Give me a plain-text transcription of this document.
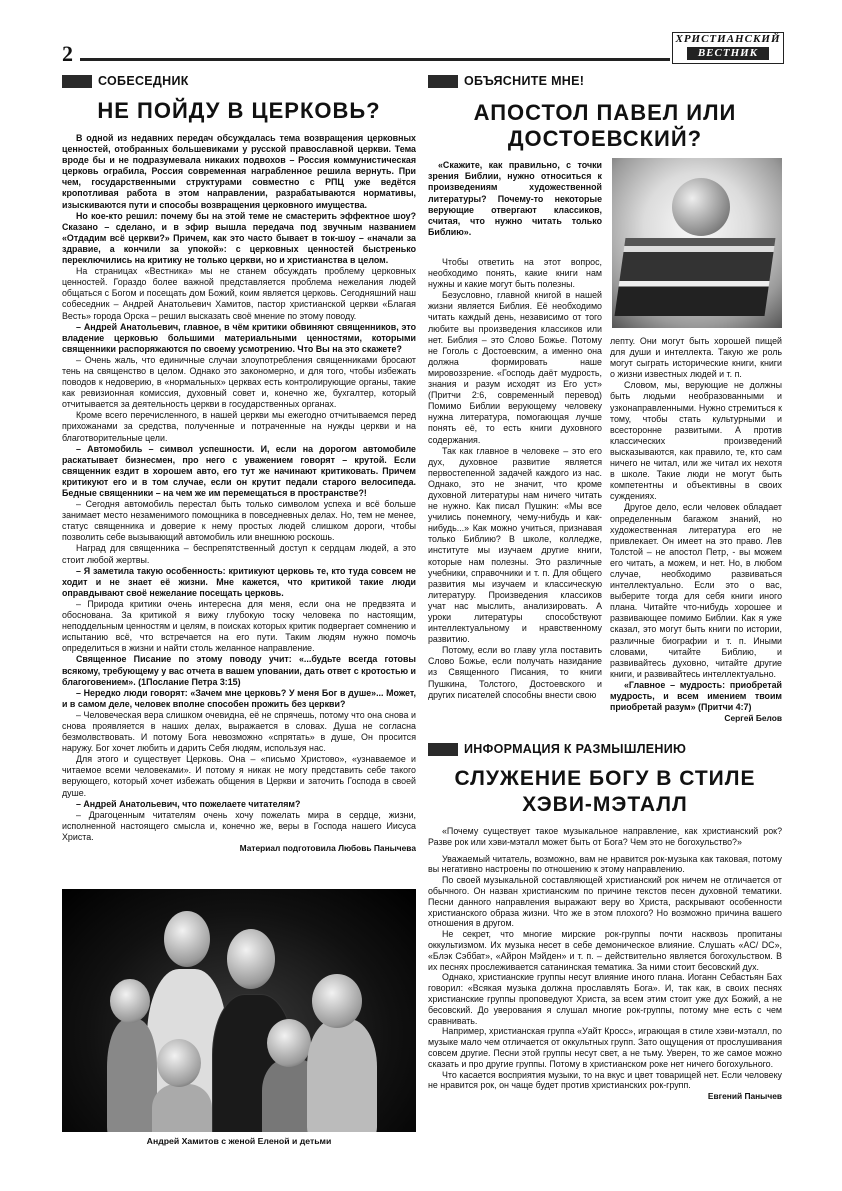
2
ХРИСТИАНСКИЙ
ВЕСТНИК
СОБЕСЕДНИК
НЕ ПОЙДУ В ЦЕРКОВЬ?

В одной из недавних передач обсуждалась тема возвращения церковных ценностей, отобранных большевиками у русской православной церкви. Тема вроде бы и не подразумевала никаких подвохов – Россия коммунистическая церковь ограбила, Россия современная награбленное решила вернуть. При чем, государственными структурами совместно с РПЦ уже ведётся кропотливая работа в этом направлении, разрабатываются нормативы, изыскиваются пути и способы возвращения церковного имущества.

Но кое-кто решил: почему бы на этой теме не смастерить эффектное шоу? Сказано – сделано, и в эфир вышла передача под звучным названием «Отдадим всё церкви?» Причем, как это часто бывает в ток-шоу – «начали за здравие, а кончили за упокой»: с церковных ценностей быстренько переключились на критику не только церкви, но и христианства в целом.

На страницах «Вестника» мы не станем обсуждать проблему церковных ценностей. Гораздо более важной представляется проблема нежелания людей общаться с Богом и посещать дом Божий, коим является церковь. Сегодняшний наш собеседник – Андрей Анатольевич Хамитов, пастор христианской церкви «Благая Весть» города Орска – решил высказать своё мнение по этому поводу.

– Андрей Анатольевич, главное, в чём критики обвиняют священников, это владение церковью большими материальными ценностями, которыми священники распоряжаются по своему усмотрению. Что Вы на это скажете?

– Очень жаль, что единичные случаи злоупотребления священниками бросают тень на священство в целом. Однако это закономерно, и для того, чтобы избежать поводов к недоверию, в «нормальных» церквах есть контролирующие органы, такие как ревизионная комиссия, духовный совет и, конечно же, бухгалтер, который отчитывается за деятельность церкви в государственных органах.

Кроме всего перечисленного, в нашей церкви мы ежегодно отчитываемся перед прихожанами за средства, полученные и потраченные на нужды церкви и на благотворительные цели.

– Автомобиль – символ успешности. И, если на дорогом автомобиле раскатывает бизнесмен, про него с уважением говорят – крутой. Если священник ездит в хорошем авто, его тут же начинают критиковать. Причем критикуют его и в том случае, если он крутит педали старого велосипеда. Бедные священники – на чем же им перемещаться в пространстве?!

– Сегодня автомобиль перестал быть только символом успеха и всё больше занимает место незаменимого помощника в повседневных делах. Но, тем не менее, статус священника и доверие к нему простых людей слишком дороги, чтобы позволить себе вызывающий автомобиль или внешнюю роскошь.

Наград для священника – беспрепятственный доступ к сердцам людей, а это стоит любой жертвы.

– Я заметила такую особенность: критикуют церковь те, кто туда совсем не ходит и не знает её жизни. Мне кажется, что критикой такие люди оправдывают своё нежелание посещать церковь.

– Природа критики очень интересна для меня, если она не предвзята и обоснована. За критикой я вижу глубокую тоску человека по настоящим, неподдельным ценностям и целям, в поисках которых критик подвергает сомнению и испытанию всё, что встречается на его пути. Таким людям нужно помочь определиться в жизни и найти столь желанное направление.

Священное Писание по этому поводу учит: «...будьте всегда готовы всякому, требующему у вас отчета в вашем уповании, дать ответ с кротостью и благоговением». (1Послание Петра 3:15)

– Нередко люди говорят: «Зачем мне церковь? У меня Бог в душе»... Может, и в самом деле, человек вполне способен прожить без церкви?

– Человеческая вера слишком очевидна, её не спрячешь, потому что она снова и снова проявляется в наших делах, выражается в словах. Душа не согласна безмолвствовать. И потому Бога невозможно «спрятать» в душе, Он просится наружу. Бог хочет любить и дарить Себя людям, используя нас.

Для этого и существует Церковь. Она – «письмо Христово», «узнаваемое и читаемое всеми человеками». И потому я никак не могу представить себе такого верующего, который хочет избежать общения в Церкви и заточить Господа в своей душе.

– Андрей Анатольевич, что пожелаете читателям?

– Драгоценным читателям очень хочу пожелать мира в сердце, жизни, исполненной настоящего смысла и, конечно же, веры в Господа нашего Иисуса Христа.

Материал подготовила Любовь Панычева
Андрей Хамитов с женой Еленой и детьми
ОБЪЯСНИТЕ МНЕ!
АПОСТОЛ ПАВЕЛ ИЛИ
ДОСТОЕВСКИЙ?

«Скажите, как правильно, с точки зрения Библии, нужно относиться к произведениям художественной литературы? Почему-то некоторые верующие отвергают классиков, считая, что нужно читать только Библию».

Чтобы ответить на этот вопрос, необходимо понять, какие книги нам нужны и какие могут быть полезны.

Безусловно, главной книгой в нашей жизни является Библия. Её необходимо читать каждый день, независимо от того любите вы произведения классиков или нет. Библия – это Слово Божье. Потому не Гоголь с Достоевским, а именно она должна формировать наше мировоззрение. «Господь даёт мудрость, знания и разум исходят из Его уст» (Притчи 2:6, современный перевод) Помимо Библии верующему человеку нужна литература, помогающая лучше понять её, то есть книги духовного содержания.

Так как главное в человеке – это его дух, духовное развитие является первостепенной задачей каждого из нас. Однако, это не значит, что кроме духовной литературы нам ничего читать не нужно. Как писал Пушкин: «Мы все учились понемногу, чему-нибудь и как-нибудь...» Как можно учиться, признавая только Библию? В школе, колледже, институте мы изучаем другие книги, которые нам полезны. Это различные учебники, справочники и т. п. Для общего развития мы изучаем и классическую литературу. Произведения классиков учат нас мыслить, анализировать. А уроки литературы способствуют интеллектуальному и нравственному развитию.

Потому, если во главу угла поставить Слово Божье, если получать назидание из Священного Писания, то книги Пушкина, Толстого, Достоевского и других писателей способны внести свою

лепту. Они могут быть хорошей пищей для души и интеллекта. Такую же роль могут сыграть исторические книги, книги о жизни известных людей и т. п.

Словом, мы, верующие не должны быть людьми необразованными и узконаправленными. Нужно стремиться к тому, чтобы стать культурными и всесторонне развитыми. А против классических произведений высказываются, как правило, те, кто сам ничего не читал, или же читал их нехотя в школе. Такие люди не могут быть компетентны и объективны в своих суждениях.

Другое дело, если человек обладает определенным багажом знаний, но художественная литература его не привлекает. Он имеет на это право. Лев Толстой – не апостол Петр, - вы можем его читать, а можем, и нет. Но, в любом случае, необходимо развиваться интеллектуально. Если это о вас, выберите тогда для себя книги иного плана. Читайте что-нибудь хорошее и развивающее помимо Библии. Как я уже сказал, это могут быть книги по истории, различные биографии и т. п. Иными словами, читайте Библию, и развивайтесь духовно, читайте другие книги, и развивайтесь интеллектуально.

«Главное – мудрость: приобретай мудрость, и всем имением твоим приобретай разум» (Притчи 4:7)

Сергей Белов
ИНФОРМАЦИЯ К РАЗМЫШЛЕНИЮ
СЛУЖЕНИЕ БОГУ В СТИЛЕ
ХЭВИ-МЭТАЛЛ

«Почему существует такое музыкальное направление, как христианский рок? Разве рок или хэви-мэталл может быть от Бога? Чем это не богохульство?»

Уважаемый читатель, возможно, вам не нравится рок-музыка как таковая, потому вы негативно настроены по отношению к этому направлению.

По своей музыкальной составляющей христианский рок ничем не отличается от обычного. Он назван христианским по причине текстов песен духовной тематики. Песни данного направления выражают веру во Христа, раскрывают особенности христианского образа жизни. Что же в этом плохого? Но возможно причина вашего отношения в другом.

Не секрет, что многие мирские рок-группы почти насквозь пропитаны оккультизмом. Их музыка несет в себе демоническое влияние. Слушать «AC/ DC», «Блэк Сэббат», «Айрон Мэйден» и т. п. – действительно является богохульством. В их песнях прослеживается сатанинская тематика. За ними стоит бесовский дух.

Однако, христианские группы несут влияние иного плана. Иоганн Себастьян Бах говорил: «Всякая музыка должна прославлять Бога». И, так как, в своих песнях христианские группы проповедуют Христа, за всем этим стоит уже дух Божий, а не бесовский. До уверования я слушал многие рок-группы, потому мне есть с чем сравнивать.

Например, христианская группа «Уайт Кросс», играющая в стиле хэви-мэталл, по музыке мало чем отличается от оккультных групп. Зато ощущения от прослушивания совсем другие. Песни этой группы несут свет, а не тьму. Уверен, то же самое можно сказать и про другие группы. Потому в христианском роке нет ничего богохульного.

Что касается восприятия музыки, то на вкус и цвет товарищей нет. Если человеку не нравится рок, он чаще будет против христианских рок-групп.

Евгений Панычев
